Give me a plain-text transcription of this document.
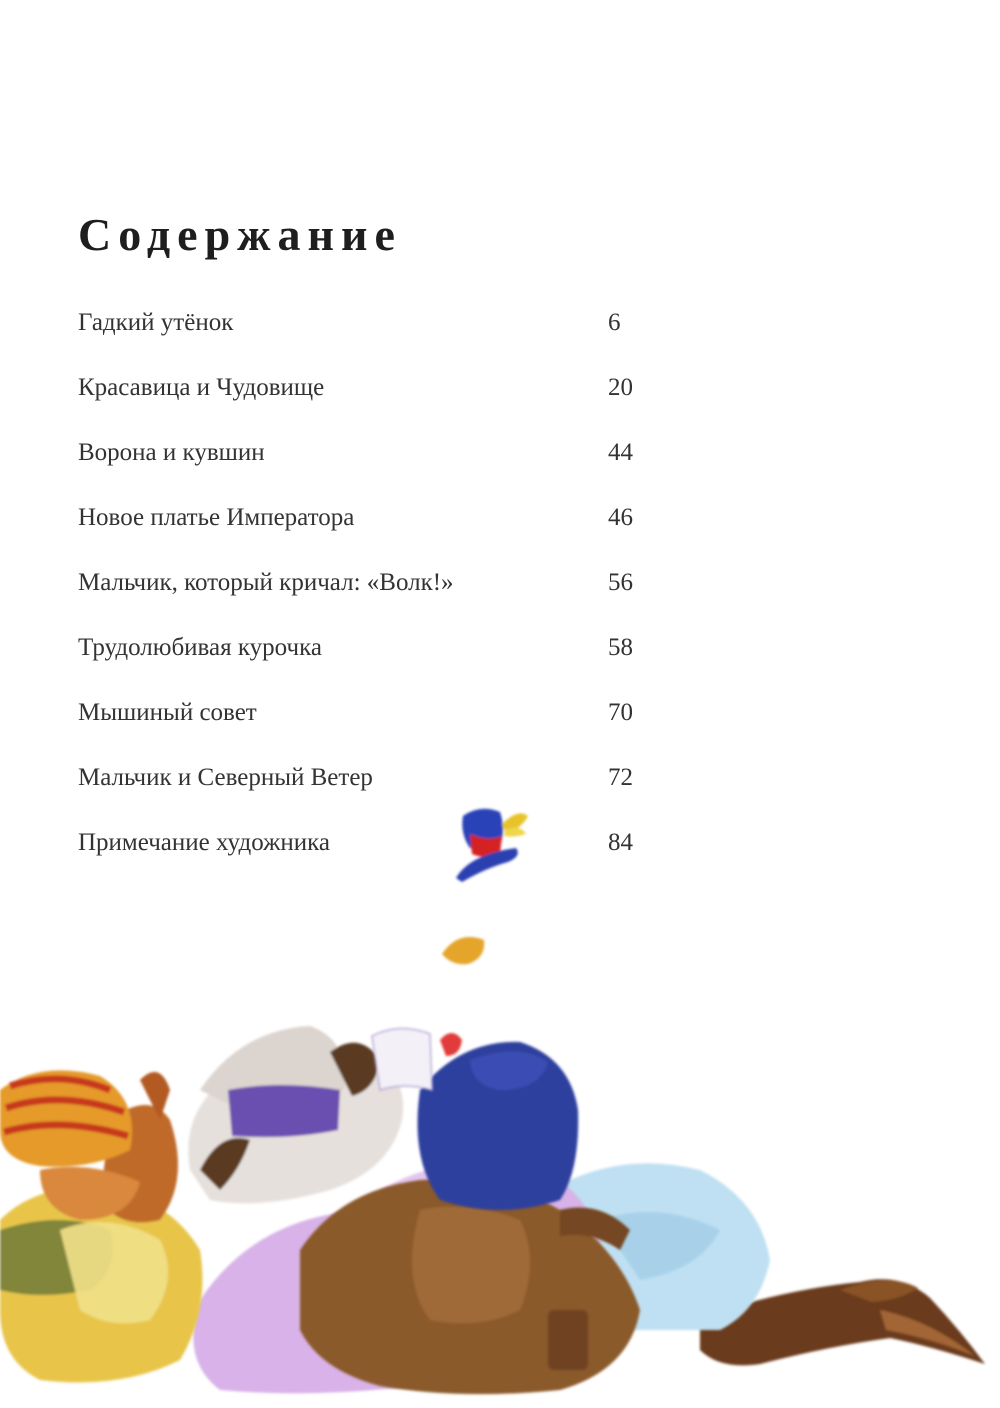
Содержание
Гадкий утёнок	6
Красавица и Чудовище	20
Ворона и кувшин	44
Новое платье Императора	46
Мальчик, который кричал: «Волк!»	56
Трудолюбивая курочка	58
Мышиный совет	70
Мальчик и Северный Ветер	72
Примечание художника	84
